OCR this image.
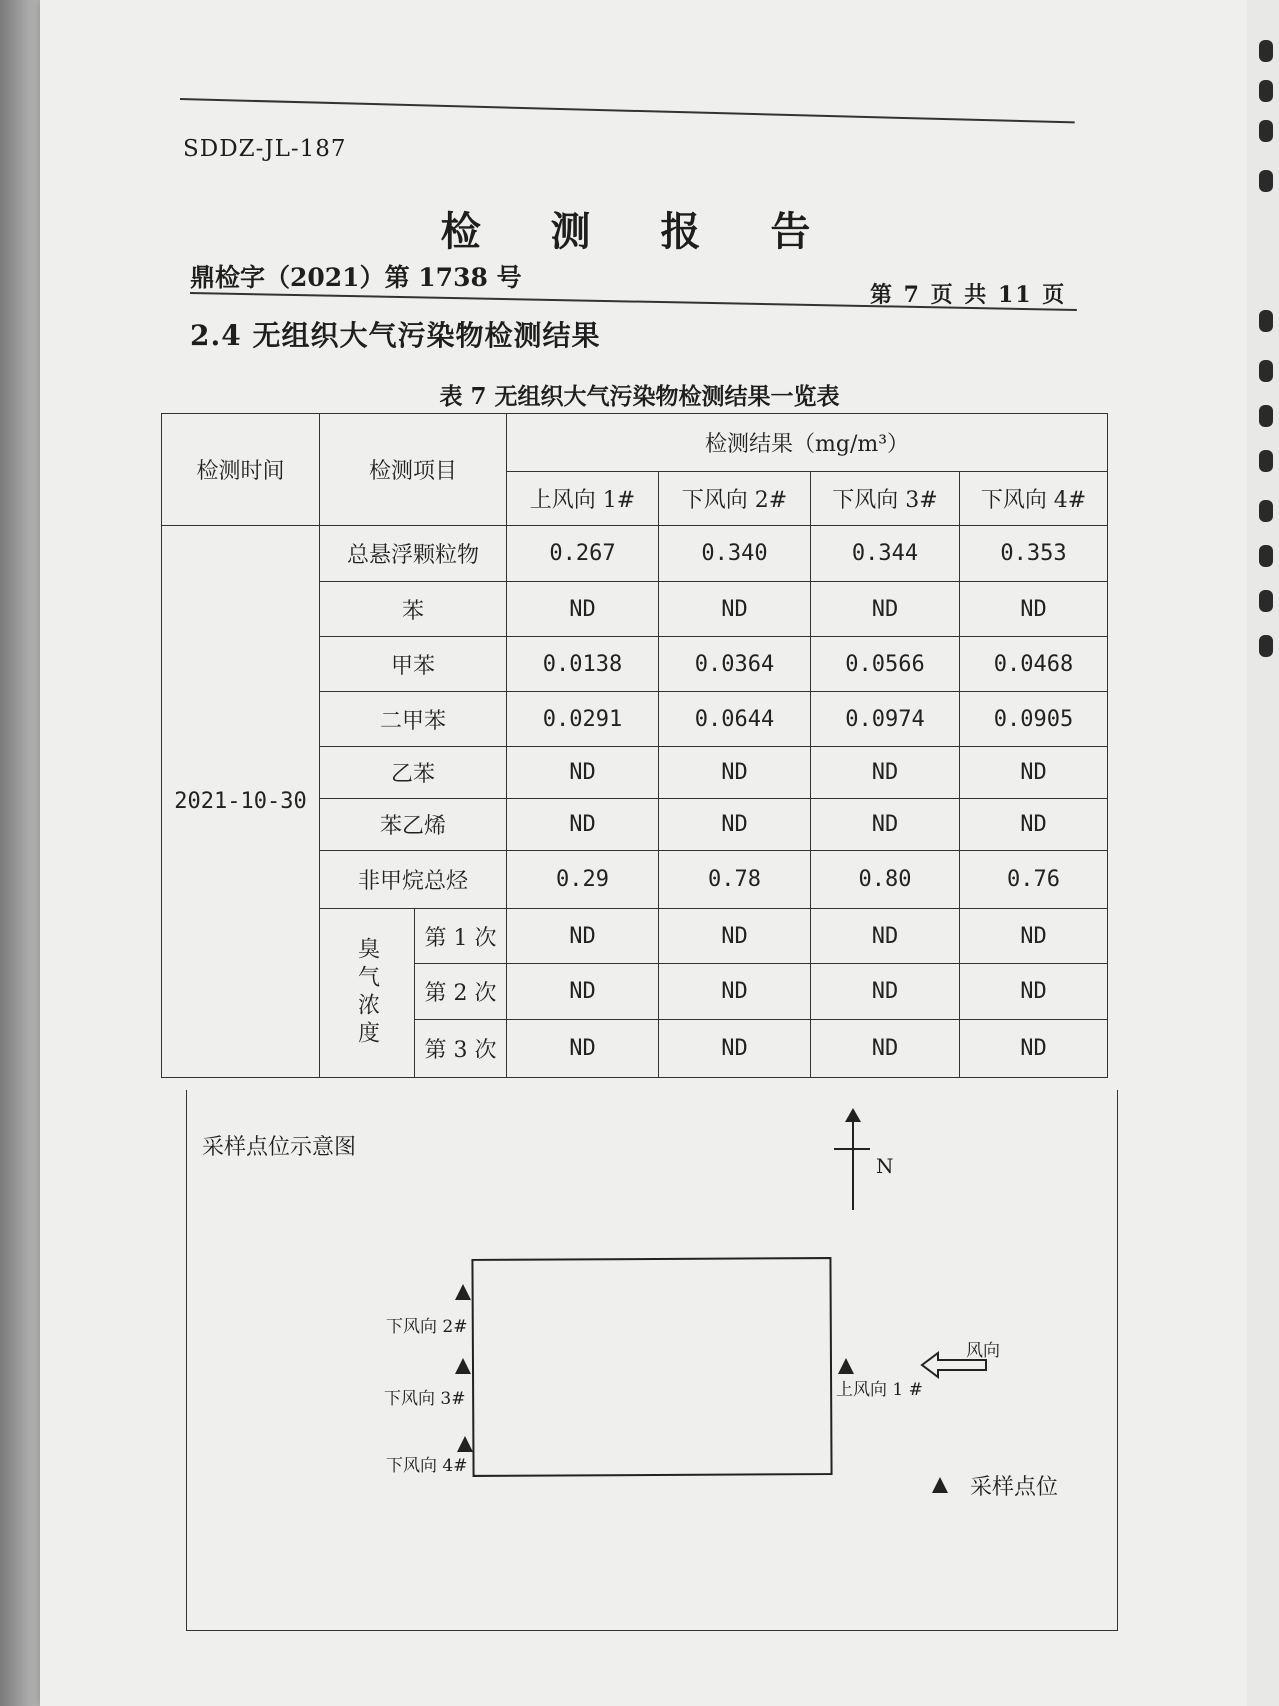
SDDZ-JL-187
检 测 报 告
鼎检字（2021）第 1738 号
第 7 页 共 11 页
2.4 无组织大气污染物检测结果
表 7 无组织大气污染物检测结果一览表
检测时间	检测项目		检测结果（mg/m³）			
			上风向 1#	下风向 2#	下风向 3#	下风向 4#
2021-10-30	总悬浮颗粒物		0.267	0.340	0.344	0.353
	苯		ND	ND	ND	ND
	甲苯		0.0138	0.0364	0.0566	0.0468
	二甲苯		0.0291	0.0644	0.0974	0.0905
	乙苯		ND	ND	ND	ND
	苯乙烯		ND	ND	ND	ND
	非甲烷总烃		0.29	0.78	0.80	0.76
	臭气浓度	第 1 次	ND	ND	ND	ND
		第 2 次	ND	ND	ND	ND
		第 3 次	ND	ND	ND	ND
采样点位示意图
N
下风向 2#
下风向 3#
下风向 4#
上风向 1 #
风向
采样点位
